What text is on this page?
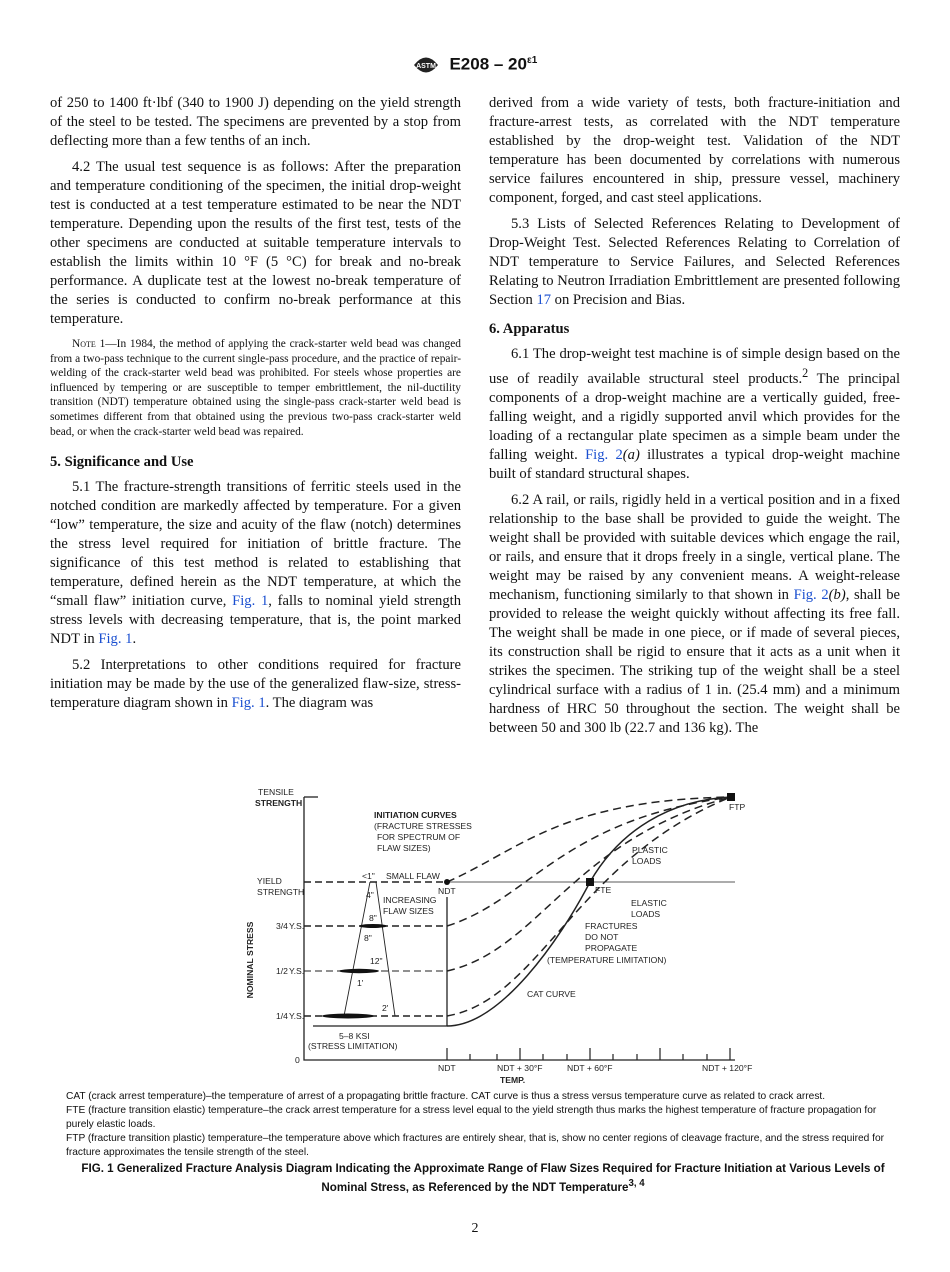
ASTM $E208 - 20^{\varepsilon 1}$

of 250 to 1400 ft·lbf (340 to 1900 J) depending on the yield strength of the steel to be tested. The specimens are prevented by a stop from deflecting more than a few tenths of an inch.

4.2 The usual test sequence is as follows: After the preparation and temperature conditioning of the specimen, the initial drop-weight test is conducted at a test temperature estimated to be near the NDT temperature. Depending upon the results of the first test, tests of the other specimens are conducted at suitable temperature intervals to establish the limits within 10 °F (5 °C) for break and no-break performance. A duplicate test at the lowest no-break temperature of the series is conducted to confirm no-break performance at this temperature.

Note 1—In 1984, the method of applying the crack-starter weld bead was changed from a two-pass technique to the current single-pass procedure, and the practice of repair-welding of the crack-starter weld bead was prohibited. For steels whose properties are influenced by tempering or are susceptible to temper embrittlement, the nil-ductility transition (NDT) temperature obtained using the single-pass crack-starter weld bead is sometimes different from that obtained using the previous two-pass crack-starter weld bead, or when the crack-starter weld bead was repaired.

5. Significance and Use

5.1 The fracture-strength transitions of ferritic steels used in the notched condition are markedly affected by temperature. For a given “low” temperature, the size and acuity of the flaw (notch) determines the stress level required for initiation of brittle fracture. The significance of this test method is related to establishing that temperature, defined herein as the NDT temperature, at which the “small flaw” initiation curve, Fig. 1, falls to nominal yield strength stress levels with decreasing temperature, that is, the point marked NDT in Fig. 1.

5.2 Interpretations to other conditions required for fracture initiation may be made by the use of the generalized flaw-size, stress-temperature diagram shown in Fig. 1. The diagram was

derived from a wide variety of tests, both fracture-initiation and fracture-arrest tests, as correlated with the NDT temperature established by the drop-weight test. Validation of the NDT temperature has been documented by correlations with numerous service failures encountered in ship, pressure vessel, machinery component, forged, and cast steel applications.

5.3 Lists of Selected References Relating to Development of Drop-Weight Test. Selected References Relating to Correlation of NDT temperature to Service Failures, and Selected References Relating to Neutron Irradiation Embrittlement are presented following Section 17 on Precision and Bias.

6. Apparatus

6.1 The drop-weight test machine is of simple design based on the use of readily available structural steel products.$^2$ The principal components of a drop-weight machine are a vertically guided, free-falling weight, and a rigidly supported anvil which provides for the loading of a rectangular plate specimen as a simple beam under the falling weight. Fig. 2(a) illustrates a typical drop-weight machine built of standard structural shapes.

6.2 A rail, or rails, rigidly held in a vertical position and in a fixed relationship to the base shall be provided to guide the weight. The weight shall be provided with suitable devices which engage the rail, or rails, and ensure that it drops freely in a single, vertical plane. The weight may be raised by any convenient means. A weight-release mechanism, functioning similarly to that shown in Fig. 2(b), shall be provided to release the weight quickly without affecting its free fall. The weight shall be made in one piece, or if made of several pieces, its construction shall be rigid to ensure that it acts as a unit when it strikes the specimen. The striking tup of the weight shall be a steel cylindrical surface with a radius of 1 in. (25.4 mm) and a minimum hardness of HRC 50 throughout the section. The weight shall be between 50 and 300 lb (22.7 and 136 kg). The

NOMINAL STRESS
TENSILE
STRENGTH
YIELD
STRENGTH
3/4 Y.S.
1/2 Y.S.
1/4 Y.S.
0
INITIATION CURVES
(FRACTURE STRESSES
FOR SPECTRUM OF
FLAW SIZES)
<1" SMALL FLAW
NDT
INCREASING
FLAW SIZES
4"
8"
8"
12"
1'
2'
5–8 KSI
(STRESS LIMITATION)
FTP
FTE
PLASTIC
LOADS
ELASTIC
LOADS
FRACTURES
DO NOT
PROPAGATE
(TEMPERATURE LIMITATION)
CAT CURVE
NDT	NDT + 30°F	NDT + 60°F	NDT + 120°F
TEMP.
CAT (crack arrest temperature)–the temperature of arrest of a propagating brittle fracture. CAT curve is thus a stress versus temperature curve as related to crack arrest.
FTE (fracture transition elastic) temperature–the crack arrest temperature for a stress level equal to the yield strength thus marks the highest temperature of fracture propagation for purely elastic loads.
FTP (fracture transition plastic) temperature–the temperature above which fractures are entirely shear, that is, show no center regions of cleavage fracture, and the stress required for fracture approximates the tensile strength of the steel.
FIG. 1 Generalized Fracture Analysis Diagram Indicating the Approximate Range of Flaw Sizes Required for Fracture Initiation at Various Levels of Nominal Stress, as Referenced by the NDT Temperature$^{3, 4}$
2
